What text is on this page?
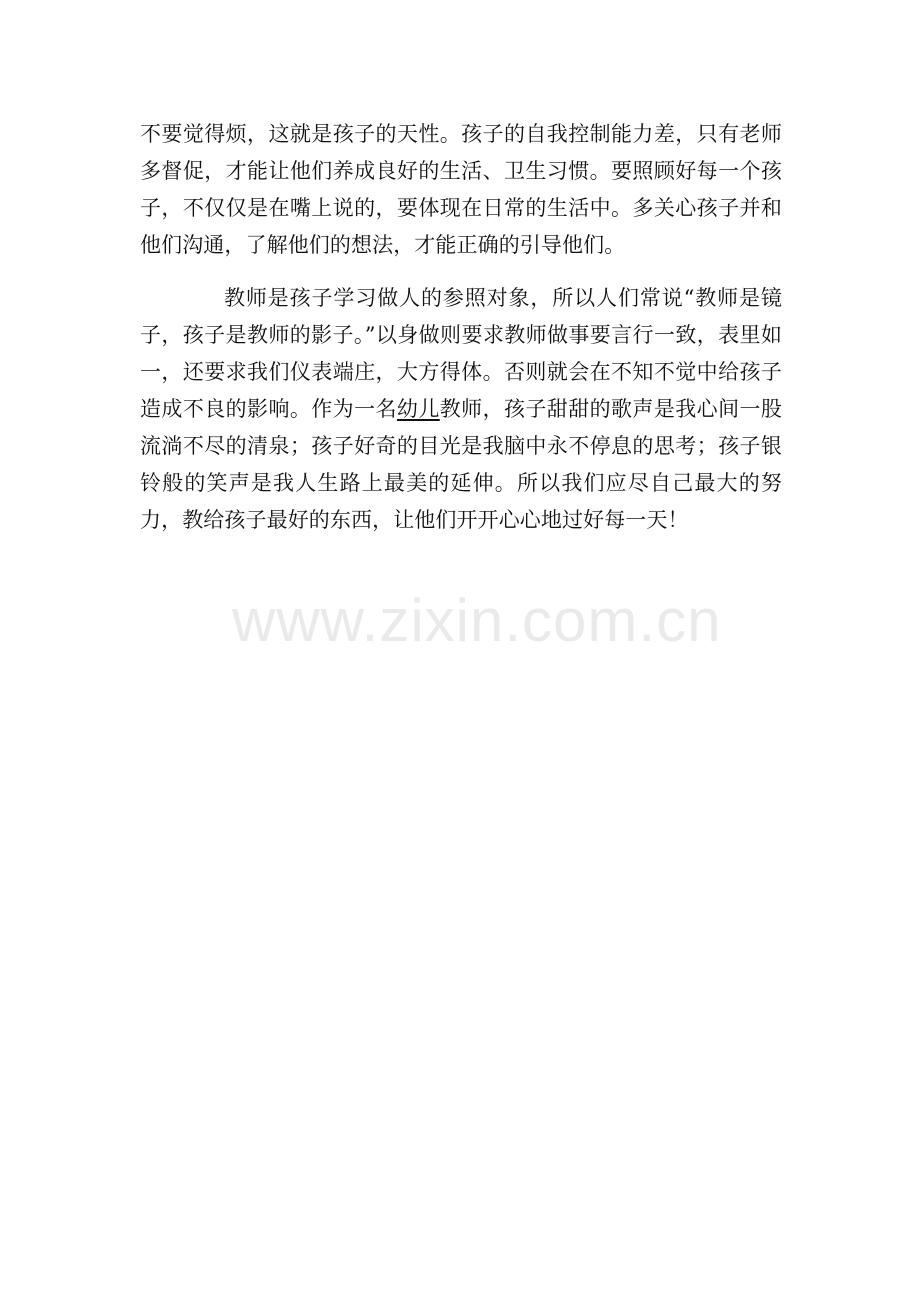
不要觉得烦，这就是孩子的天性。孩子的自我控制能力差，只有老师多督促，才能让他们养成良好的生活、卫生习惯。要照顾好每一个孩子，不仅仅是在嘴上说的，要体现在日常的生活中。多关心孩子并和他们沟通，了解他们的想法，才能正确的引导他们。

教师是孩子学习做人的参照对象，所以人们常说“教师是镜子，孩子是教师的影子。”以身做则要求教师做事要言行一致，表里如一，还要求我们仪表端庄，大方得体。否则就会在不知不觉中给孩子造成不良的影响。作为一名幼儿教师，孩子甜甜的歌声是我心间一股流淌不尽的清泉；孩子好奇的目光是我脑中永不停息的思考；孩子银铃般的笑声是我人生路上最美的延伸。所以我们应尽自己最大的努力，教给孩子最好的东西，让他们开开心心地过好每一天！

www.zixin.com.cn
